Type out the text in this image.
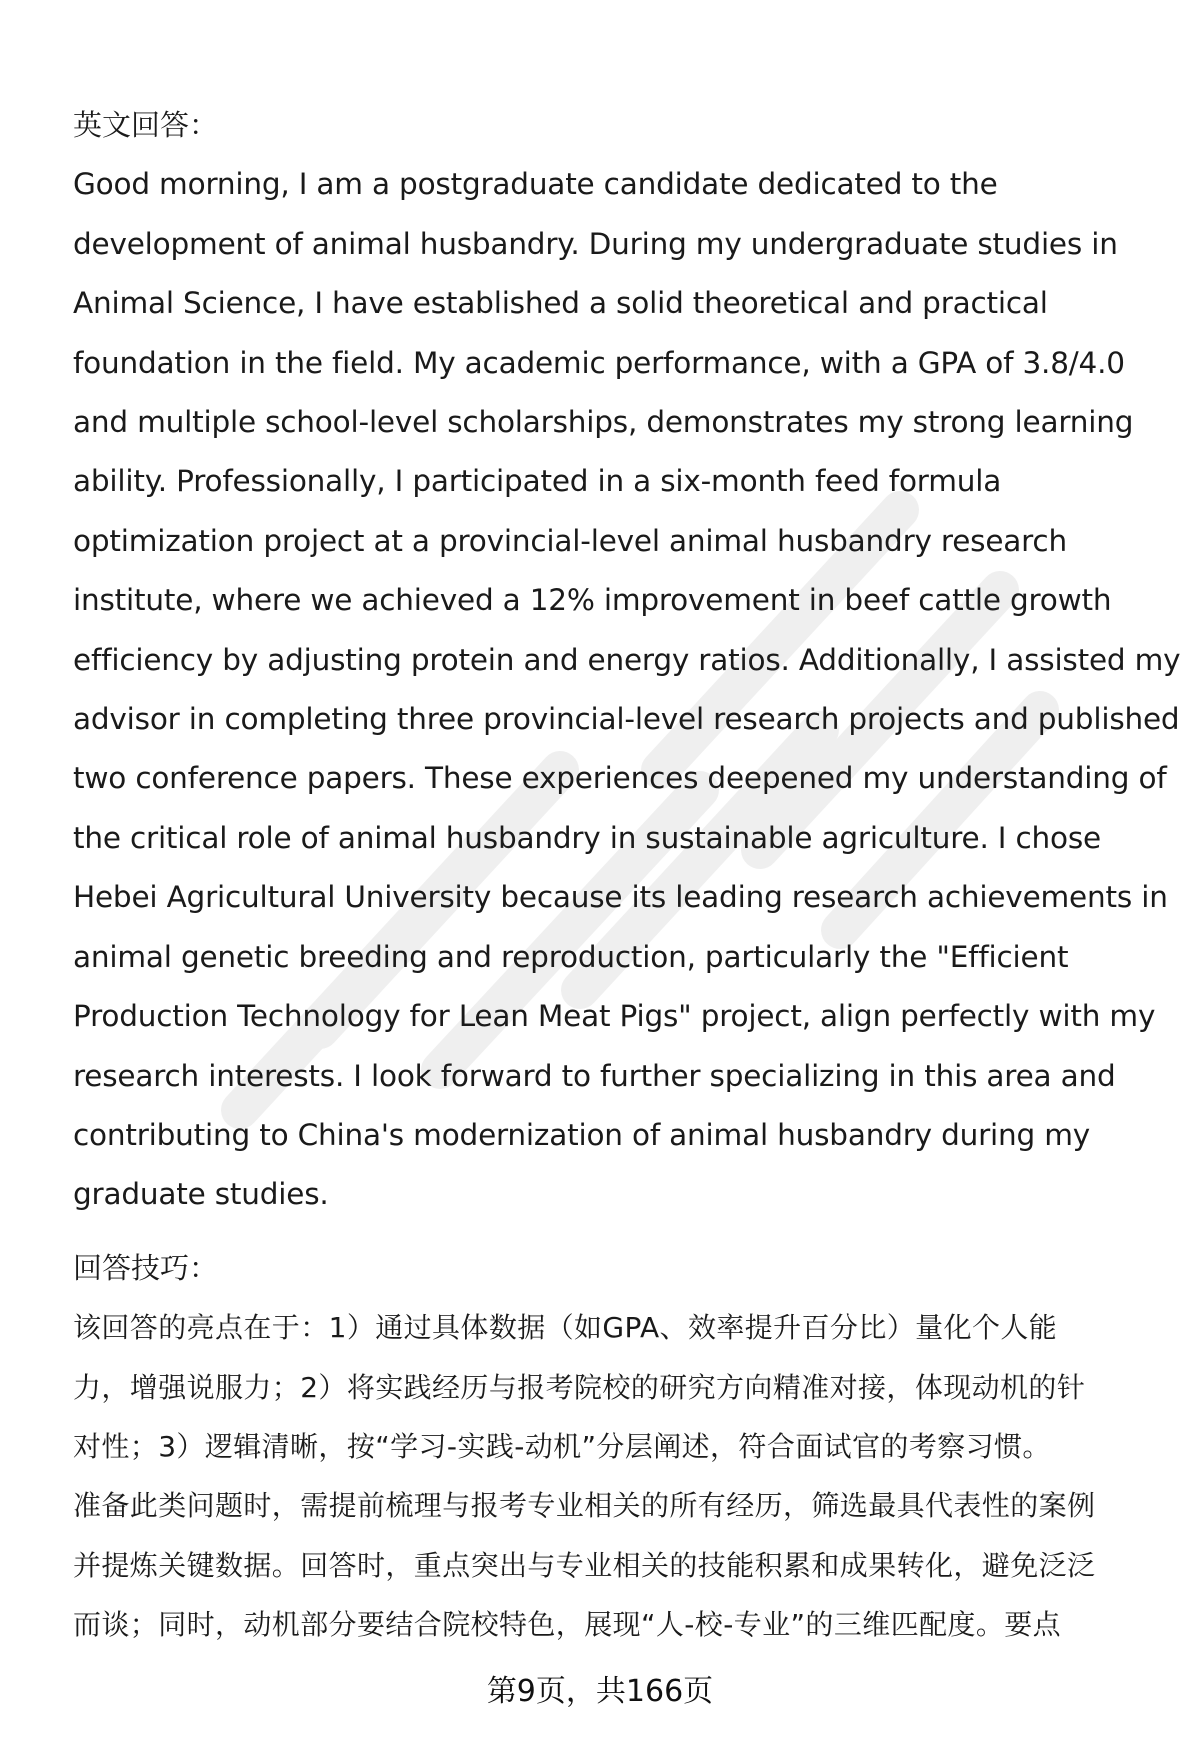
英文回答：

Good morning, I am a postgraduate candidate dedicated to the
development of animal husbandry. During my undergraduate studies in
Animal Science, I have established a solid theoretical and practical
foundation in the field. My academic performance, with a GPA of 3.8/4.0
and multiple school-level scholarships, demonstrates my strong learning
ability. Professionally, I participated in a six-month feed formula
optimization project at a provincial-level animal husbandry research
institute, where we achieved a 12% improvement in beef cattle growth
efficiency by adjusting protein and energy ratios. Additionally, I assisted my
advisor in completing three provincial-level research projects and published
two conference papers. These experiences deepened my understanding of
the critical role of animal husbandry in sustainable agriculture. I chose
Hebei Agricultural University because its leading research achievements in
animal genetic breeding and reproduction, particularly the "Efficient
Production Technology for Lean Meat Pigs" project, align perfectly with my
research interests. I look forward to further specializing in this area and
contributing to China's modernization of animal husbandry during my
graduate studies.

回答技巧：

该回答的亮点在于：1）通过具体数据（如GPA、效率提升百分比）量化个人能
力，增强说服力；2）将实践经历与报考院校的研究方向精准对接，体现动机的针
对性；3）逻辑清晰，按“学习-实践-动机”分层阐述，符合面试官的考察习惯。
准备此类问题时，需提前梳理与报考专业相关的所有经历，筛选最具代表性的案例
并提炼关键数据。回答时，重点突出与专业相关的技能积累和成果转化，避免泛泛
而谈；同时，动机部分要结合院校特色，展现“人-校-专业”的三维匹配度。要点

第9页，共166页
